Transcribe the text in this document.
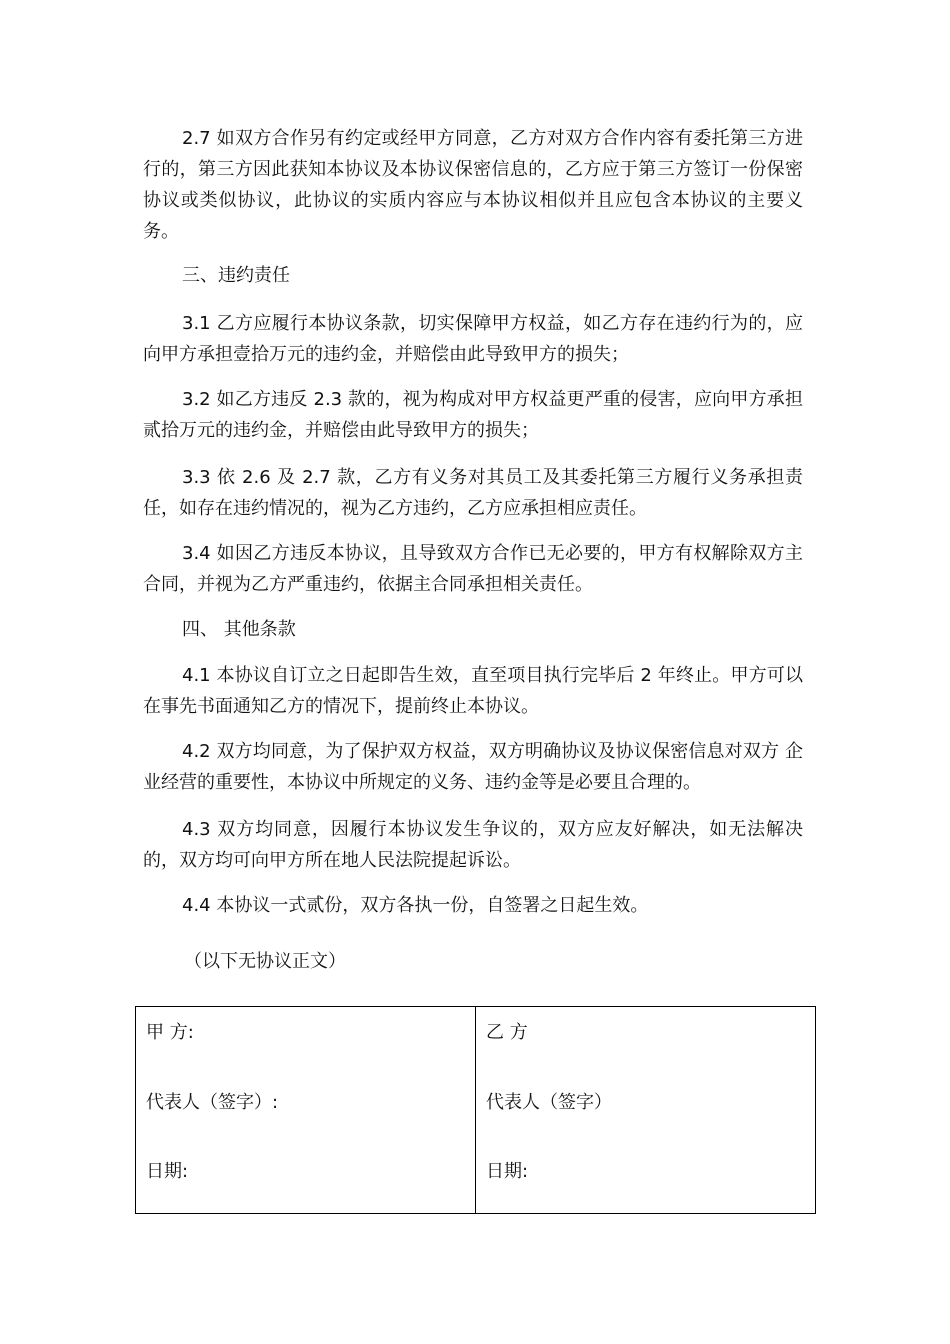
2.7 如双方合作另有约定或经甲方同意，乙方对双方合作内容有委托第三方进行的，第三方因此获知本协议及本协议保密信息的，乙方应于第三方签订一份保密协议或类似协议，此协议的实质内容应与本协议相似并且应包含本协议的主要义务。

三、违约责任

3.1 乙方应履行本协议条款，切实保障甲方权益，如乙方存在违约行为的，应向甲方承担壹拾万元的违约金，并赔偿由此导致甲方的损失；

3.2 如乙方违反 2.3 款的，视为构成对甲方权益更严重的侵害，应向甲方承担贰拾万元的违约金，并赔偿由此导致甲方的损失；

3.3 依 2.6 及 2.7 款，乙方有义务对其员工及其委托第三方履行义务承担责任，如存在违约情况的，视为乙方违约，乙方应承担相应责任。

3.4 如因乙方违反本协议，且导致双方合作已无必要的，甲方有权解除双方主合同，并视为乙方严重违约，依据主合同承担相关责任。

四、 其他条款

4.1 本协议自订立之日起即告生效，直至项目执行完毕后 2 年终止。甲方可以在事先书面通知乙方的情况下，提前终止本协议。

4.2 双方均同意，为了保护双方权益，双方明确协议及协议保密信息对双方 企业经营的重要性，本协议中所规定的义务、违约金等是必要且合理的。

4.3 双方均同意，因履行本协议发生争议的，双方应友好解决，如无法解决的，双方均可向甲方所在地人民法院提起诉讼。

4.4 本协议一式贰份，双方各执一份，自签署之日起生效。

（以下无协议正文）

甲 方:
代表人（签字）:
日期:

乙 方
代表人（签字）
日期:
